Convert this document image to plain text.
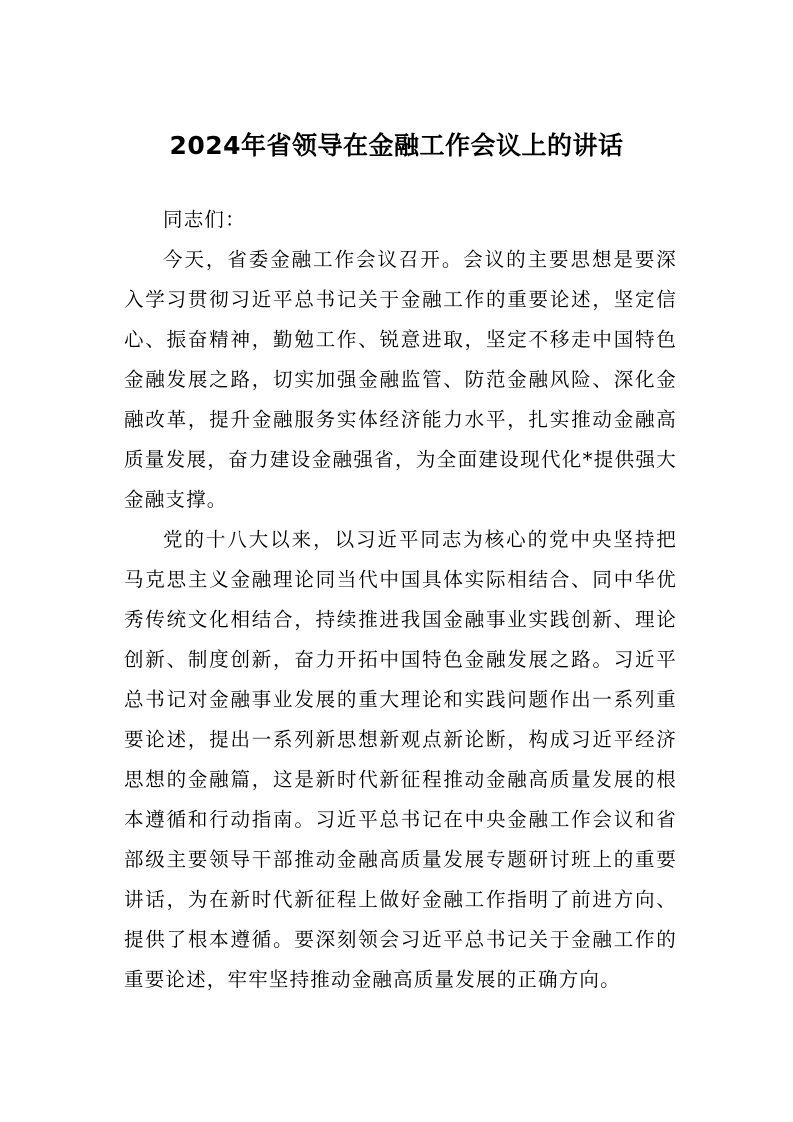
2024年省领导在金融工作会议上的讲话

同志们：

今天，省委金融工作会议召开。会议的主要思想是要深入学习贯彻习近平总书记关于金融工作的重要论述，坚定信心、振奋精神，勤勉工作、锐意进取，坚定不移走中国特色金融发展之路，切实加强金融监管、防范金融风险、深化金融改革，提升金融服务实体经济能力水平，扎实推动金融高质量发展，奋力建设金融强省，为全面建设现代化*提供强大金融支撑。

党的十八大以来，以习近平同志为核心的党中央坚持把马克思主义金融理论同当代中国具体实际相结合、同中华优秀传统文化相结合，持续推进我国金融事业实践创新、理论创新、制度创新，奋力开拓中国特色金融发展之路。习近平总书记对金融事业发展的重大理论和实践问题作出一系列重要论述，提出一系列新思想新观点新论断，构成习近平经济思想的金融篇，这是新时代新征程推动金融高质量发展的根本遵循和行动指南。习近平总书记在中央金融工作会议和省部级主要领导干部推动金融高质量发展专题研讨班上的重要讲话，为在新时代新征程上做好金融工作指明了前进方向、提供了根本遵循。要深刻领会习近平总书记关于金融工作的重要论述，牢牢坚持推动金融高质量发展的正确方向。
